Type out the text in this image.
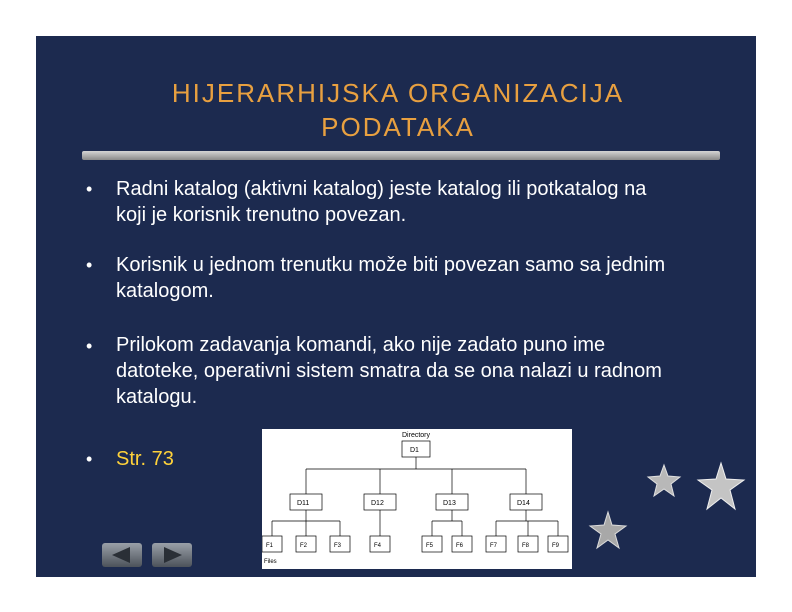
HIJERARHIJSKA ORGANIZACIJA PODATAKA
• Radni katalog (aktivni katalog) jeste katalog ili potkatalog na koji je korisnik trenutno povezan.
• Korisnik u jednom trenutku može biti povezan samo sa jednim katalogom.
• Prilokom zadavanja komandi, ako nije zadato puno ime datoteke, operativni sistem smatra da se ona nalazi u radnom katalogu.
• Str. 73
Directory
D1
D11	D12	D13	D14
F1	F2	F3	F4	F5	F6	F7	F8	F9
Files
